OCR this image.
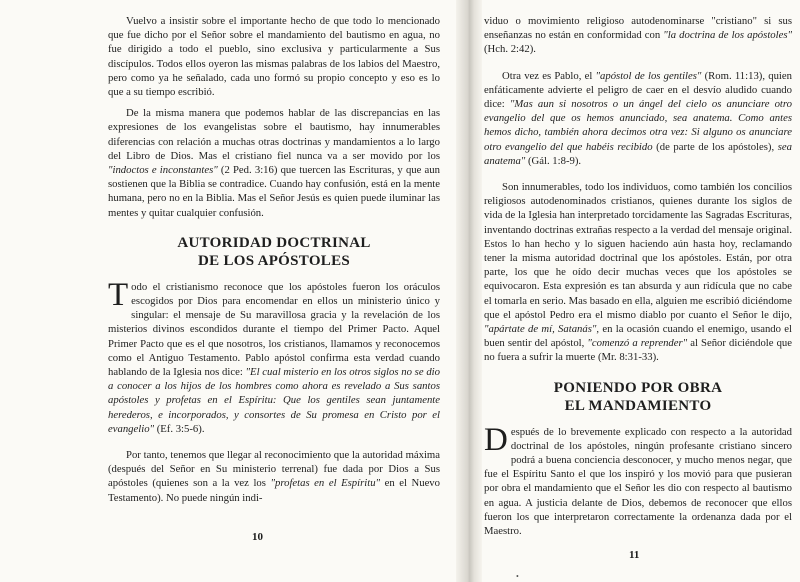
Vuelvo a insistir sobre el importante hecho de que todo lo mencionado que fue dicho por el Señor sobre el mandamiento del bautismo en agua, no fue dirigido a todo el pueblo, sino exclusiva y particularmente a Sus discípulos. Todos ellos oyeron las mismas palabras de los labios del Maestro, pero como ya he señalado, cada uno formó su propio concepto y eso es lo que a su tiempo escribió.

De la misma manera que podemos hablar de las discrepancias en las expresiones de los evangelistas sobre el bautismo, hay innumerables diferencias con relación a muchas otras doctrinas y mandamientos a lo largo del Libro de Dios. Mas el cristiano fiel nunca va a ser movido por los "indoctos e inconstantes" (2 Ped. 3:16) que tuercen las Escrituras, y que aun sostienen que la Biblia se contradice. Cuando hay confusión, está en la mente humana, pero no en la Biblia. Mas el Señor Jesús es quien puede iluminar las mentes y quitar cualquier confusión.

AUTORIDAD DOCTRINAL
DE LOS APÓSTOLES

Todo el cristianismo reconoce que los apóstoles fueron los oráculos escogidos por Dios para encomendar en ellos un ministerio único y singular: el mensaje de Su maravillosa gracia y la revelación de los misterios divinos escondidos durante el tiempo del Primer Pacto. Aquel Primer Pacto que es el que nosotros, los cristianos, llamamos y reconocemos como el Antiguo Testamento. Pablo apóstol confirma esta verdad cuando hablando de la Iglesia nos dice: "El cual misterio en los otros siglos no se dio a conocer a los hijos de los hombres como ahora es revelado a Sus santos apóstoles y profetas en el Espíritu: Que los gentiles sean juntamente herederos, e incorporados, y consortes de Su promesa en Cristo por el evangelio" (Ef. 3:5-6).

Por tanto, tenemos que llegar al reconocimiento que la autoridad máxima (después del Señor en Su ministerio terrenal) fue dada por Dios a Sus apóstoles (quienes son a la vez los "profetas en el Espíritu" en el Nuevo Testamento). No puede ningún indi-

10

viduo o movimiento religioso autodenominarse "cristiano" si sus enseñanzas no están en conformidad con "la doctrina de los apóstoles" (Hch. 2:42).

Otra vez es Pablo, el "apóstol de los gentiles" (Rom. 11:13), quien enfáticamente advierte el peligro de caer en el desvío aludido cuando dice: "Mas aun si nosotros o un ángel del cielo os anunciare otro evangelio del que os hemos anunciado, sea anatema. Como antes hemos dicho, también ahora decimos otra vez: Si alguno os anunciare otro evangelio del que habéis recibido (de parte de los apóstoles), sea anatema" (Gál. 1:8-9).

Son innumerables, todo los individuos, como también los concilios religiosos autodenominados cristianos, quienes durante los siglos de vida de la Iglesia han interpretado torcidamente las Sagradas Escrituras, inventando doctrinas extrañas respecto a la verdad del mensaje original. Estos lo han hecho y lo siguen haciendo aún hasta hoy, reclamando tener la misma autoridad doctrinal que los apóstoles. Están, por otra parte, los que he oído decir muchas veces que los apóstoles se equivocaron. Esta expresión es tan absurda y aun ridícula que no cabe el tomarla en serio. Mas basado en ella, alguien me escribió diciéndome que el apóstol Pedro era el mismo diablo por cuanto el Señor le dijo, "apártate de mí, Satanás", en la ocasión cuando el enemigo, usando el buen sentir del apóstol, "comenzó a reprender" al Señor diciéndole que no fuera a sufrir la muerte (Mr. 8:31-33).

PONIENDO POR OBRA
EL MANDAMIENTO

Después de lo brevemente explicado con respecto a la autoridad doctrinal de los apóstoles, ningún profesante cristiano sincero podrá a buena conciencia desconocer, y mucho menos negar, que fue el Espíritu Santo el que los inspiró y los movió para que pusieran por obra el mandamiento que el Señor les dio con respecto al bautismo en agua. A justicia delante de Dios, debemos de reconocer que ellos fueron los que interpretaron correctamente la ordenanza dada por el Maestro.

11
•
